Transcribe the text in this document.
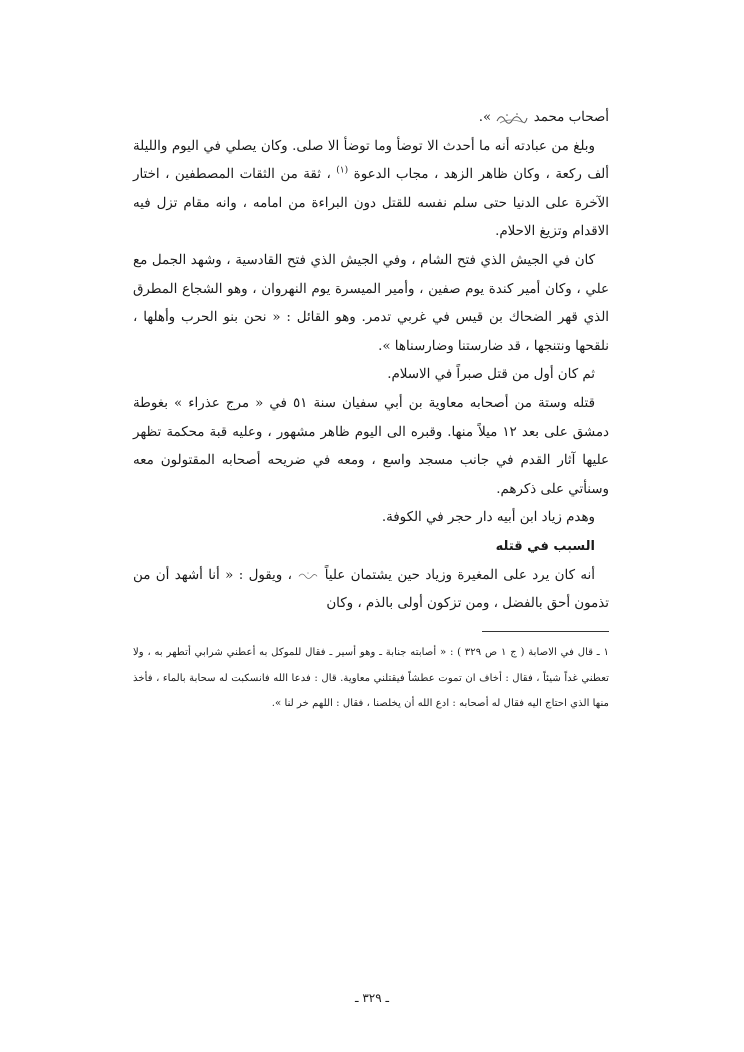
أصحاب محمد  ».

وبلغ من عبادته أنه ما أحدث الا توضأ وما توضأ الا صلى. وكان يصلي في اليوم والليلة ألف ركعة ، وكان ظاهر الزهد ، مجاب الدعوة $^{(١)}$ ، ثقة من الثقات المصطفين ، اختار الآخرة على الدنيا حتى سلم نفسه للقتل دون البراءة من امامه ، وانه مقام تزل فيه الاقدام وتزيغ الاحلام.

كان في الجيش الذي فتح الشام ، وفي الجيش الذي فتح القادسية ، وشهد الجمل مع علي ، وكان أمير كندة يوم صفين ، وأمير الميسرة يوم النهروان ، وهو الشجاع المطرق الذي قهر الضحاك بن قيس في غربي تدمر. وهو القائل : « نحن بنو الحرب وأهلها ، نلقحها ونتنجها ، قد ضارستنا وضارسناها ».

ثم كان أول من قتل صبراً في الاسلام.

قتله وستة من أصحابه معاوية بن أبي سفيان سنة ٥١ في « مرج عذراء » بغوطة دمشق على بعد ١٢ ميلاً منها. وقبره الى اليوم ظاهر مشهور ، وعليه قبة محكمة تظهر عليها آثار القدم في جانب مسجد واسع ، ومعه في ضريحه أصحابه المقتولون معه وسنأتي على ذكرهم.

وهدم زياد ابن أبيه دار حجر في الكوفة.

السبب في قتله

أنه كان يرد على المغيرة وزياد حين يشتمان علياً  ، ويقول : « أنا أشهد أن من تذمون أحق بالفضل ، ومن تزكون أولى بالذم ، وكان

١ ـ قال في الاصابة ( ج ١ ص ٣٢٩ ) : « أصابته جنابة ـ وهو أسير ـ فقال للموكل به أعطني شرابي أتطهر به ، ولا تعطني غداً شيئاً ، فقال : أخاف ان تموت عطشاً فيقتلني معاوية. قال : فدعا الله فانسكبت له سحابة بالماء ، فأخذ منها الذي احتاج اليه فقال له أصحابه : ادع الله أن يخلصنا ، فقال : اللهم خر لنا ».

ـ ٣٢٩ ـ
